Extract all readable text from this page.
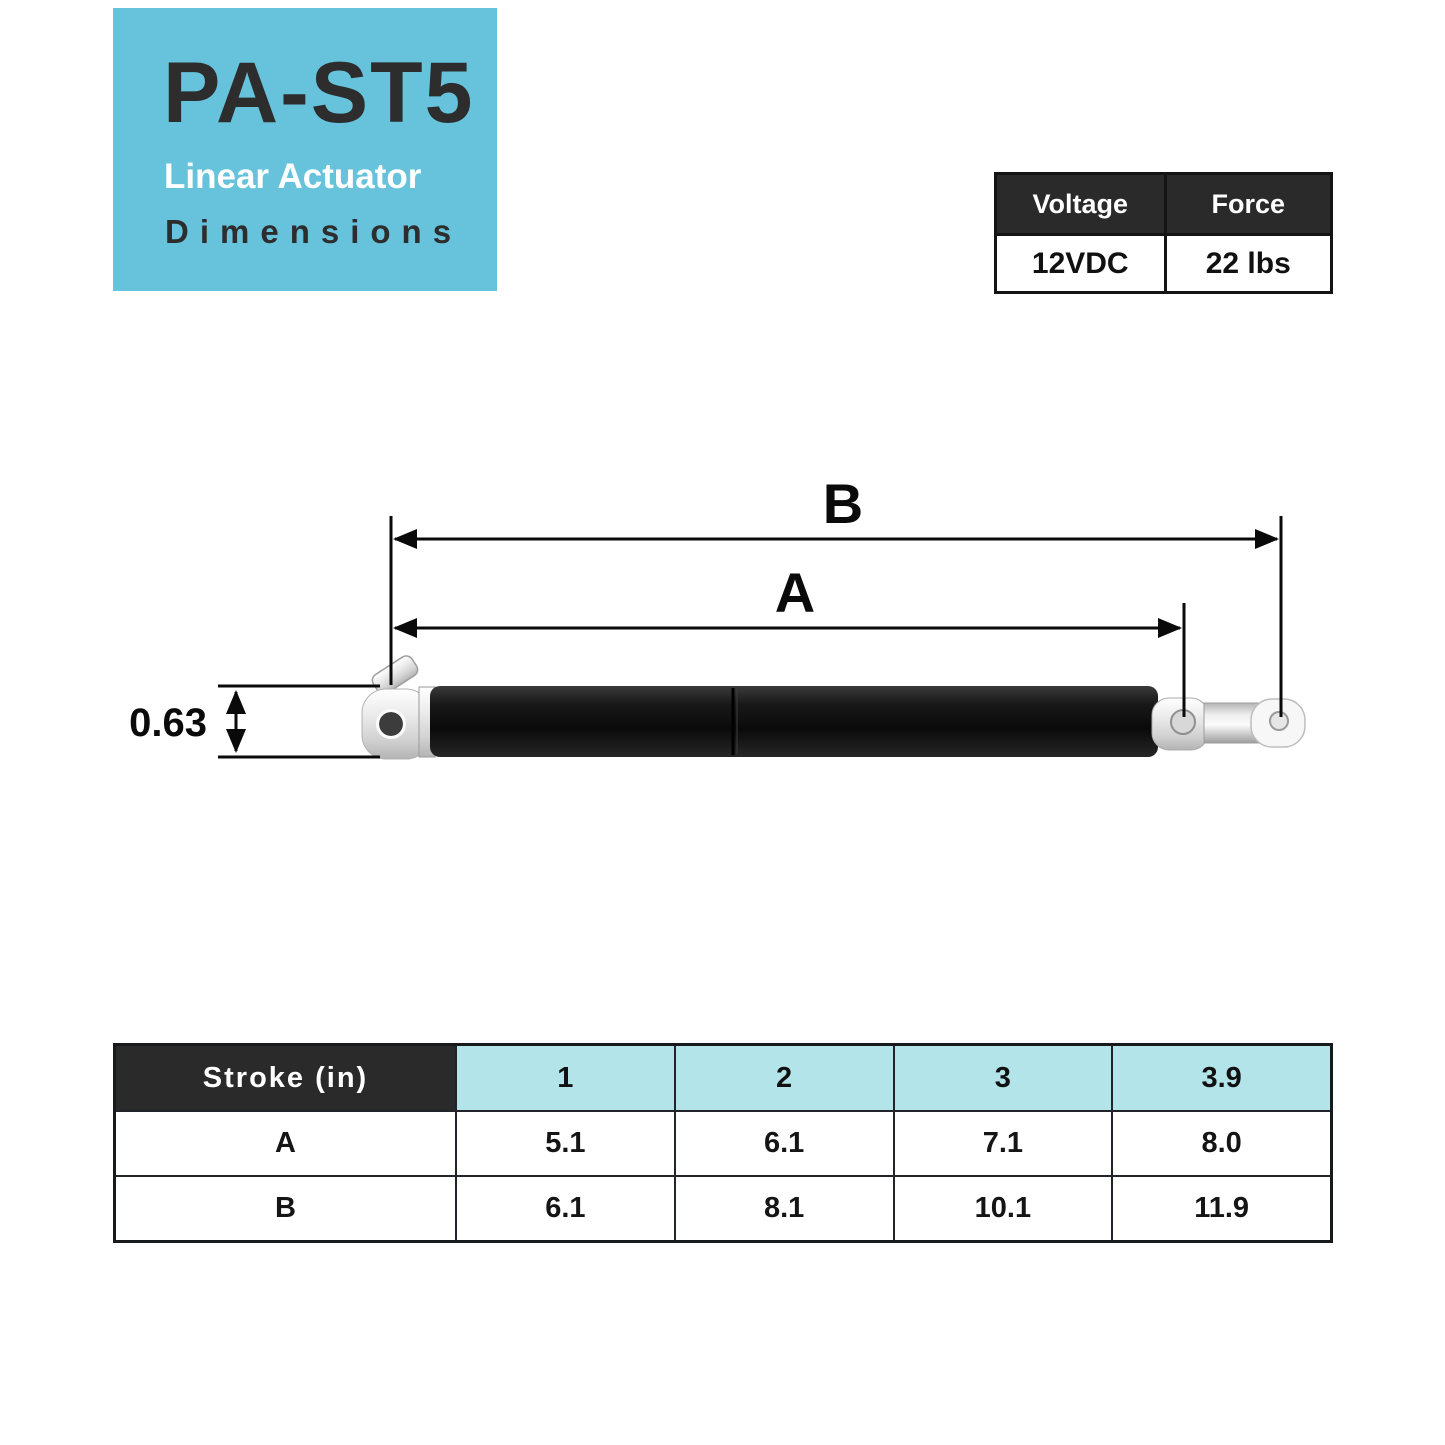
PA-ST5
Linear Actuator
Dimensions
Voltage	Force
12VDC	22 lbs
B
A
0.63
Stroke (in)	1	2	3	3.9
A	5.1	6.1	7.1	8.0
B	6.1	8.1	10.1	11.9
